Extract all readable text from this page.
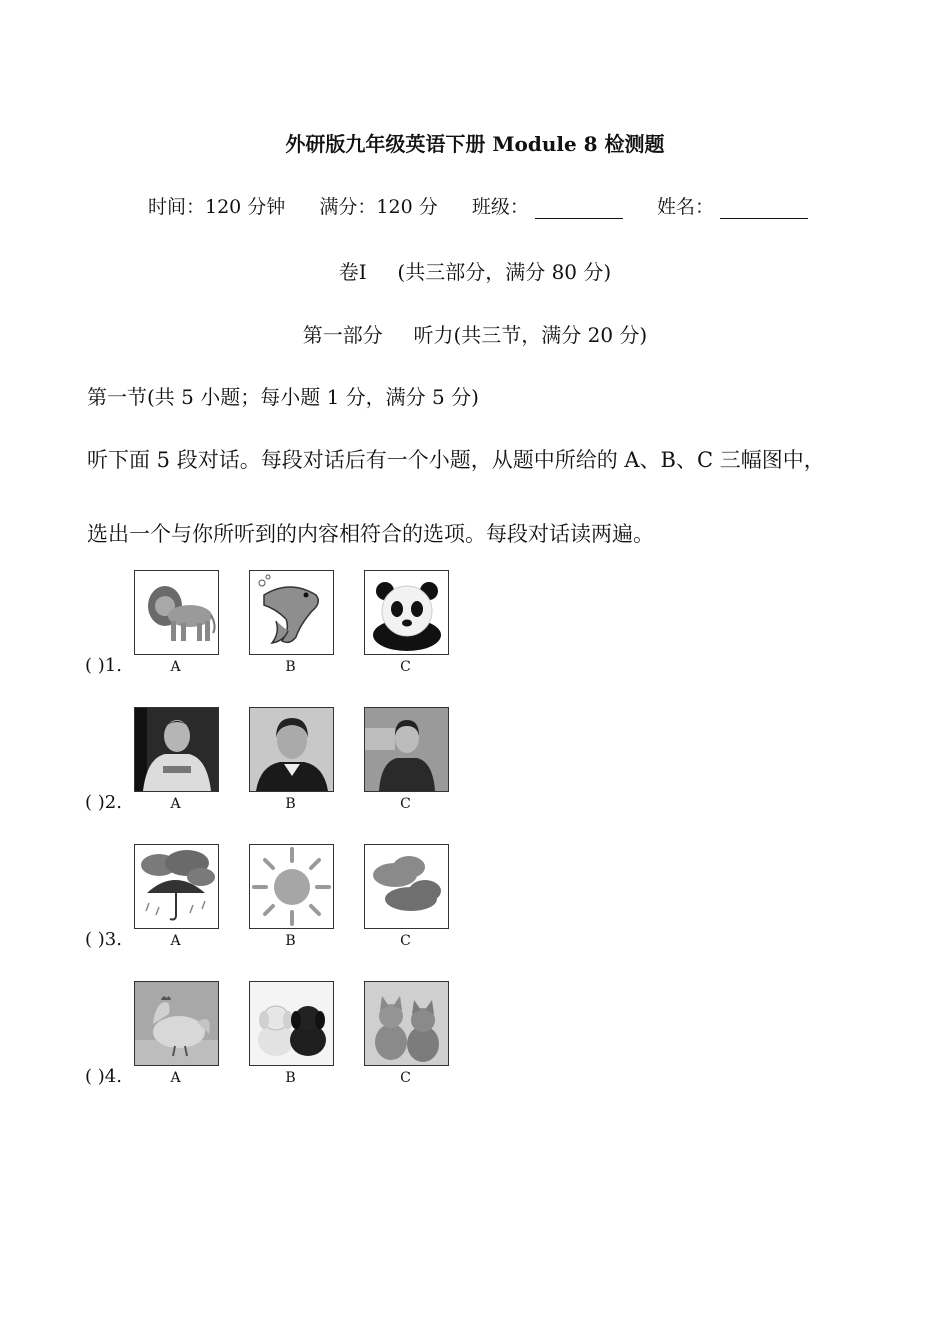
外研版九年级英语下册 Module 8 检测题
时间：120 分钟 满分：120 分 班级：	姓名：
卷Ⅰ (共三部分，满分 80 分)
第一部分 听力(共三节，满分 20 分)
第一节(共 5 小题；每小题 1 分，满分 5 分)
听下面 5 段对话。每段对话后有一个小题，从题中所给的 A、B、C 三幅图中，
选出一个与你所听到的内容相符合的选项。每段对话读两遍。
( )1.	A	B	C
( )2.	A	B	C
( )3.	A	B	C
( )4.	A	B	C
